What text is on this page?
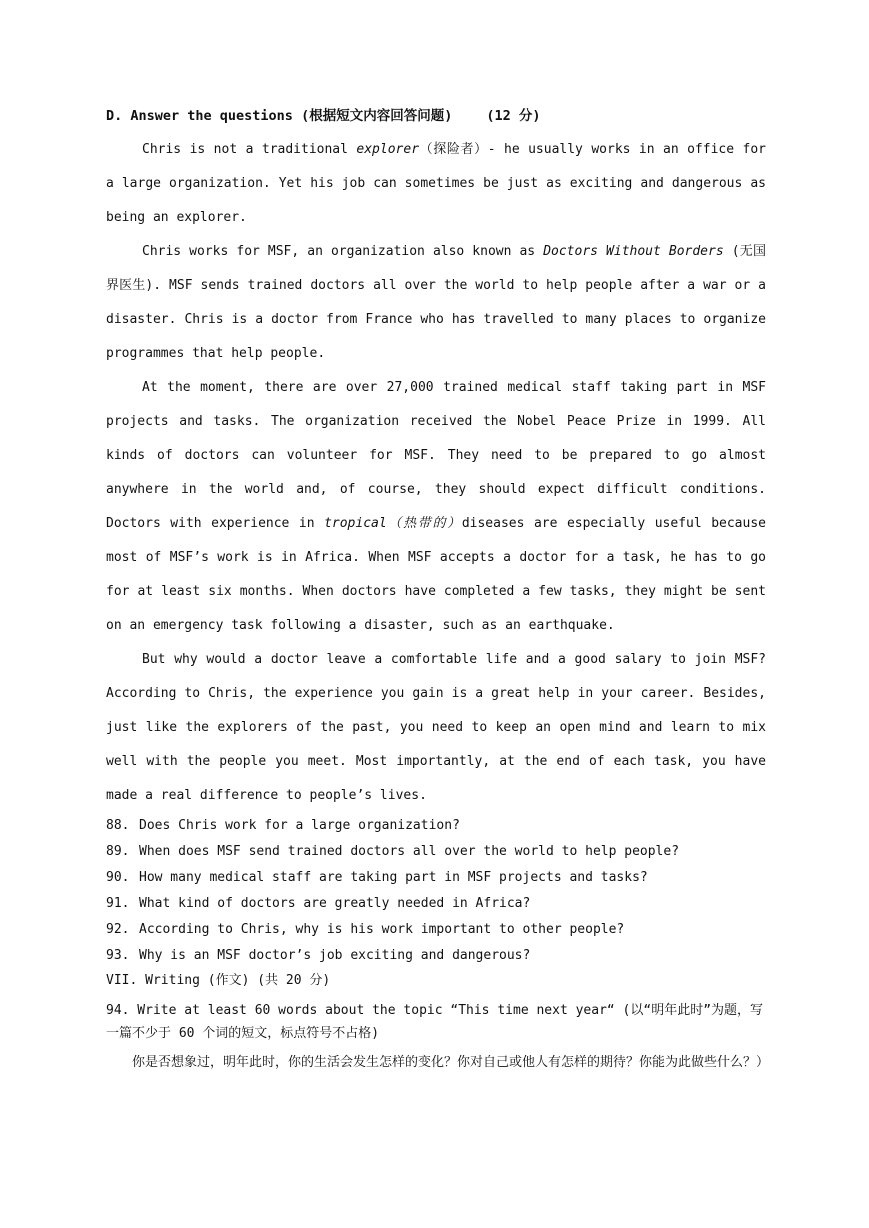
D. Answer the questions (根据短文内容回答问题)	(12 分)

Chris is not a traditional explorer（探险者）- he usually works in an office for a large organization. Yet his job can sometimes be just as exciting and dangerous as being an explorer.

Chris works for MSF, an organization also known as Doctors Without Borders (无国界医生). MSF sends trained doctors all over the world to help people after a war or a disaster. Chris is a doctor from France who has travelled to many places to organize programmes that help people.

At the moment, there are over 27,000 trained medical staff taking part in MSF projects and tasks. The organization received the Nobel Peace Prize in 1999. All kinds of doctors can volunteer for MSF. They need to be prepared to go almost anywhere in the world and, of course, they should expect difficult conditions. Doctors with experience in tropical（热带的）diseases are especially useful because most of MSF’s work is in Africa. When MSF accepts a doctor for a task, he has to go for at least six months. When doctors have completed a few tasks, they might be sent on an emergency task following a disaster, such as an earthquake.

But why would a doctor leave a comfortable life and a good salary to join MSF? According to Chris, the experience you gain is a great help in your career. Besides, just like the explorers of the past, you need to keep an open mind and learn to mix well with the people you meet. Most importantly, at the end of each task, you have made a real difference to people’s lives.

88. Does Chris work for a large organization?
89. When does MSF send trained doctors all over the world to help people?
90. How many medical staff are taking part in MSF projects and tasks?
91. What kind of doctors are greatly needed in Africa?
92. According to Chris, why is his work important to other people?
93. Why is an MSF doctor’s job exciting and dangerous?
VII. Writing (作文) (共 20 分)

94. Write at least 60 words about the topic “This time next year“ (以“明年此时”为题，写一篇不少于 60 个词的短文，标点符号不占格)

你是否想象过，明年此时，你的生活会发生怎样的变化？你对自己或他人有怎样的期待？你能为此做些什么？）
